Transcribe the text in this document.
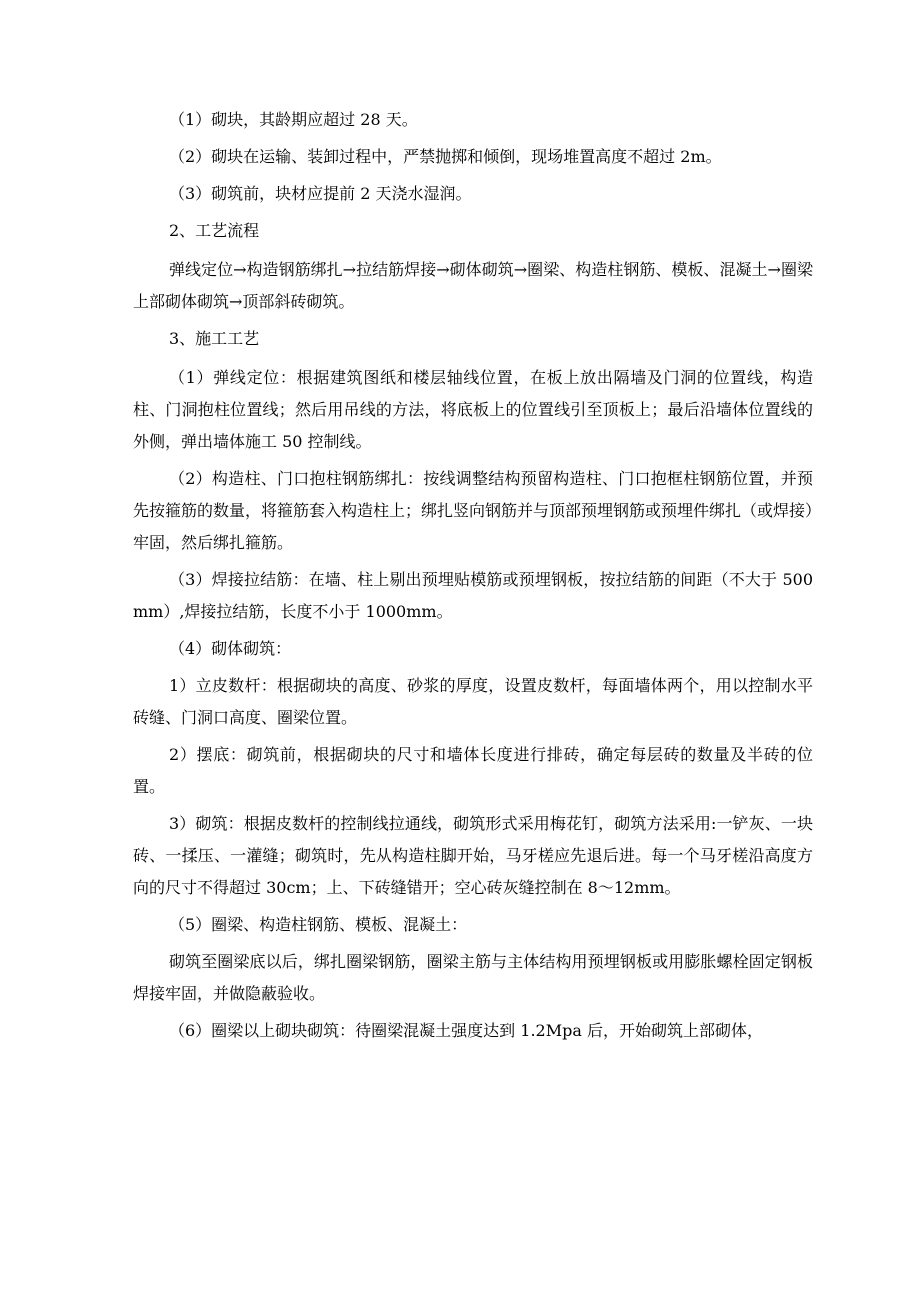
（1）砌块，其龄期应超过 28 天。

（2）砌块在运输、装卸过程中，严禁抛掷和倾倒，现场堆置高度不超过 2m。

（3）砌筑前，块材应提前 2 天浇水湿润。

2、工艺流程

弹线定位→构造钢筋绑扎→拉结筋焊接→砌体砌筑→圈梁、构造柱钢筋、模板、混凝土→圈梁上部砌体砌筑→顶部斜砖砌筑。

3、施工工艺

（1）弹线定位：根据建筑图纸和楼层轴线位置，在板上放出隔墙及门洞的位置线，构造柱、门洞抱柱位置线；然后用吊线的方法，将底板上的位置线引至顶板上；最后沿墙体位置线的外侧，弹出墙体施工 50 控制线。

（2）构造柱、门口抱柱钢筋绑扎：按线调整结构预留构造柱、门口抱框柱钢筋位置，并预先按箍筋的数量，将箍筋套入构造柱上；绑扎竖向钢筋并与顶部预埋钢筋或预埋件绑扎（或焊接）牢固，然后绑扎箍筋。

（3）焊接拉结筋：在墙、柱上剔出预埋贴模筋或预埋钢板，按拉结筋的间距（不大于 500mm）,焊接拉结筋，长度不小于 1000mm。

（4）砌体砌筑：

1）立皮数杆：根据砌块的高度、砂浆的厚度，设置皮数杆，每面墙体两个，用以控制水平砖缝、门洞口高度、圈梁位置。

2）摆底：砌筑前，根据砌块的尺寸和墙体长度进行排砖，确定每层砖的数量及半砖的位置。

3）砌筑：根据皮数杆的控制线拉通线，砌筑形式采用梅花钉，砌筑方法采用:一铲灰、一块砖、一揉压、一灌缝；砌筑时，先从构造柱脚开始，马牙槎应先退后进。每一个马牙槎沿高度方向的尺寸不得超过 30cm；上、下砖缝错开；空心砖灰缝控制在 8～12mm。

（5）圈梁、构造柱钢筋、模板、混凝土：

砌筑至圈梁底以后，绑扎圈梁钢筋，圈梁主筋与主体结构用预埋钢板或用膨胀螺栓固定钢板焊接牢固，并做隐蔽验收。

（6）圈梁以上砌块砌筑：待圈梁混凝土强度达到 1.2Mpa 后，开始砌筑上部砌体，
